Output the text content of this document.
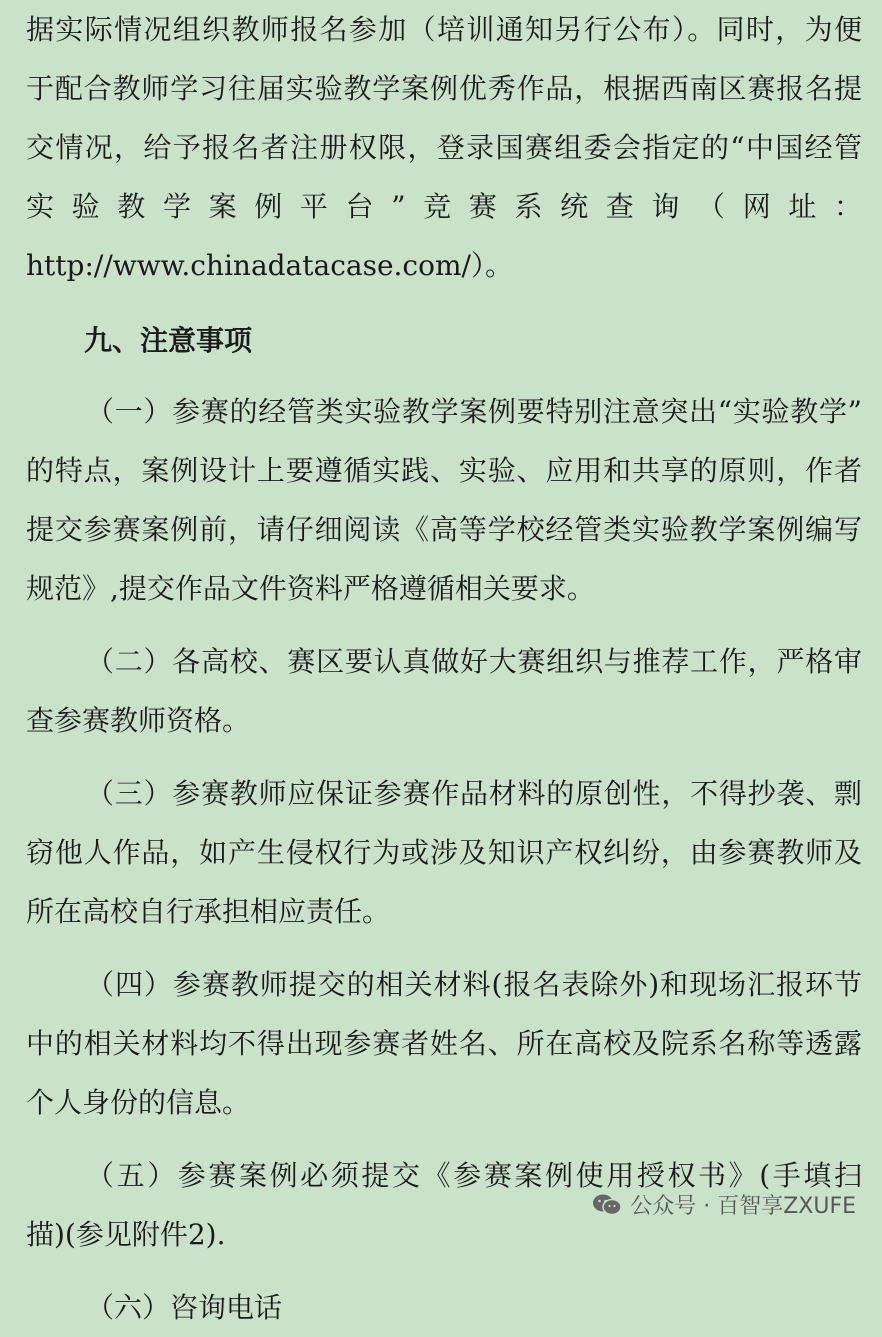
据实际情况组织教师报名参加（培训通知另行公布）。同时，为便
于配合教师学习往届实验教学案例优秀作品，根据西南区赛报名提
交情况，给予报名者注册权限，登录国赛组委会指定的“中国经管
实验教学案例平台”竞赛系统查询（网址：
http://www.chinadatacase.com/）。
九、注意事项
（一）参赛的经管类实验教学案例要特别注意突出“实验教学”
的特点，案例设计上要遵循实践、实验、应用和共享的原则，作者
提交参赛案例前，请仔细阅读《高等学校经管类实验教学案例编写
规范》,提交作品文件资料严格遵循相关要求。
（二）各高校、赛区要认真做好大赛组织与推荐工作，严格审
查参赛教师资格。
（三）参赛教师应保证参赛作品材料的原创性，不得抄袭、剽
窃他人作品，如产生侵权行为或涉及知识产权纠纷，由参赛教师及
所在高校自行承担相应责任。
（四）参赛教师提交的相关材料(报名表除外)和现场汇报环节
中的相关材料均不得出现参赛者姓名、所在高校及院系名称等透露
个人身份的信息。
（五）参赛案例必须提交《参赛案例使用授权书》(手填扫
描)(参见附件2).
（六）咨询电话
公众号 · 百智享ZXUFE
